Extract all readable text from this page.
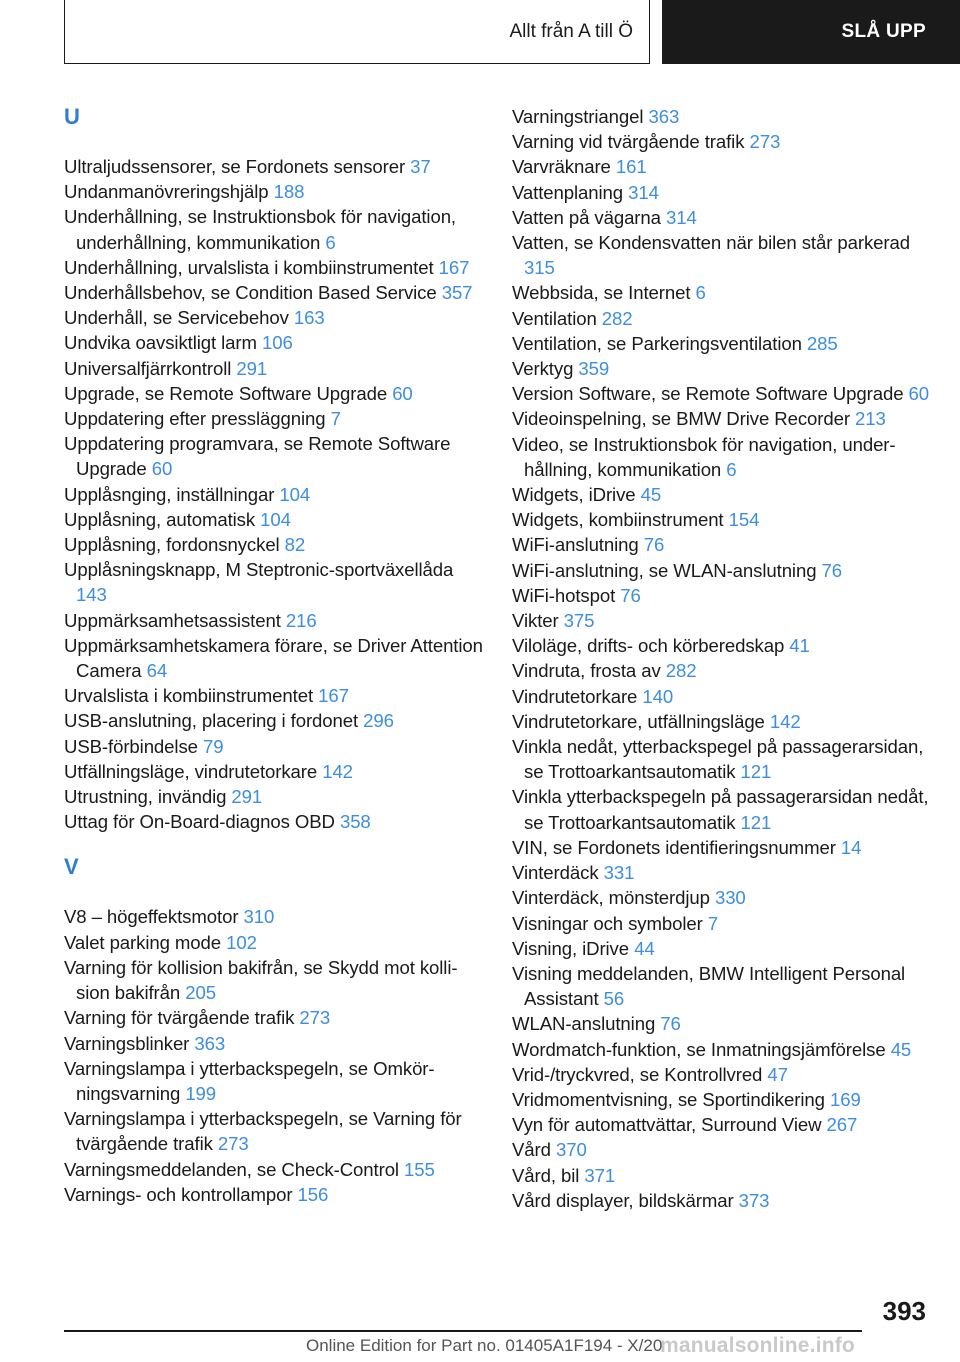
Allt från A till Ö	SLÅ UPP
U
Ultraljudssensorer, se Fordonets sensorer 37
Undanmanövreringshjälp 188
Underhållning, se Instruktionsbok för navigation, underhållning, kommunikation 6
Underhållning, urvalslista i kombiinstrumentet 167
Underhållsbehov, se Condition Based Service 357
Underhåll, se Servicebehov 163
Undvika oavsiktligt larm 106
Universalfjärrkontroll 291
Upgrade, se Remote Software Upgrade 60
Uppdatering efter pressläggning 7
Uppdatering programvara, se Remote Software Upgrade 60
Upplåsnging, inställningar 104
Upplåsning, automatisk 104
Upplåsning, fordonsnyckel 82
Upplåsningsknapp, M Steptronic-sportväxellåda 143
Uppmärksamhetsassistent 216
Uppmärksamhetskamera förare, se Driver Attention Camera 64
Urvalslista i kombiinstrumentet 167
USB-anslutning, placering i fordonet 296
USB-förbindelse 79
Utfällningsläge, vindrutetorkare 142
Utrustning, invändig 291
Uttag för On-Board-diagnos OBD 358
V
V8 – högeffektsmotor 310
Valet parking mode 102
Varning för kollision bakifrån, se Skydd mot kollision bakifrån 205
Varning för tvärgående trafik 273
Varningsblinker 363
Varningslampa i ytterbackspegeln, se Omkörningsvarning 199
Varningslampa i ytterbackspegeln, se Varning för tvärgående trafik 273
Varningsmeddelanden, se Check-Control 155
Varnings- och kontrollampor 156
Varningstriangel 363
Varning vid tvärgående trafik 273
Varvräknare 161
Vattenplaning 314
Vatten på vägarna 314
Vatten, se Kondensvatten när bilen står parkerad 315
Webbsida, se Internet 6
Ventilation 282
Ventilation, se Parkeringsventilation 285
Verktyg 359
Version Software, se Remote Software Upgrade 60
Videoinspelning, se BMW Drive Recorder 213
Video, se Instruktionsbok för navigation, underhållning, kommunikation 6
Widgets, iDrive 45
Widgets, kombiinstrument 154
WiFi-anslutning 76
WiFi-anslutning, se WLAN-anslutning 76
WiFi-hotspot 76
Vikter 375
Viloläge, drifts- och körberedskap 41
Vindruta, frosta av 282
Vindrutetorkare 140
Vindrutetorkare, utfällningsläge 142
Vinkla nedåt, ytterbackspegel på passagerarsidan, se Trottoarkantsautomatik 121
Vinkla ytterbackspegeln på passagerarsidan nedåt, se Trottoarkantsautomatik 121
VIN, se Fordonets identifieringsnummer 14
Vinterdäck 331
Vinterdäck, mönsterdjup 330
Visningar och symboler 7
Visning, iDrive 44
Visning meddelanden, BMW Intelligent Personal Assistant 56
WLAN-anslutning 76
Wordmatch-funktion, se Inmatningsjämförelse 45
Vrid-/tryckvred, se Kontrollvred 47
Vridmomentvisning, se Sportindikering 169
Vyn för automattvättar, Surround View 267
Vård 370
Vård, bil 371
Vård displayer, bildskärmar 373
393
Online Edition for Part no. 01405A1F194 - X/20
manualsonline.info
